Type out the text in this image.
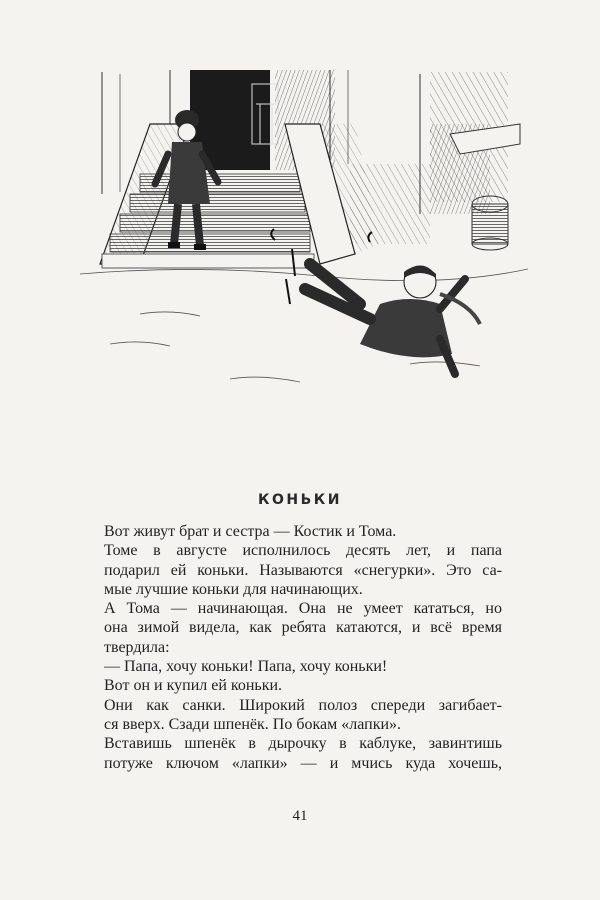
КОНЬКИ

Вот живут брат и сестра — Костик и Тома.

Томе в августе исполнилось десять лет, и папа
подарил ей коньки. Называются «снегурки». Это са-
мые лучшие коньки для начинающих.

А Тома — начинающая. Она не умеет кататься, но
она зимой видела, как ребята катаются, и всё время
твердила:

— Папа, хочу коньки! Папа, хочу коньки!

Вот он и купил ей коньки.

Они как санки. Широкий полоз спереди загибает-
ся вверх. Сзади шпенёк. По бокам «лапки».

Вставишь шпенёк в дырочку в каблуке, завинтишь
потуже ключом «лапки» — и мчись куда хочешь,

41
